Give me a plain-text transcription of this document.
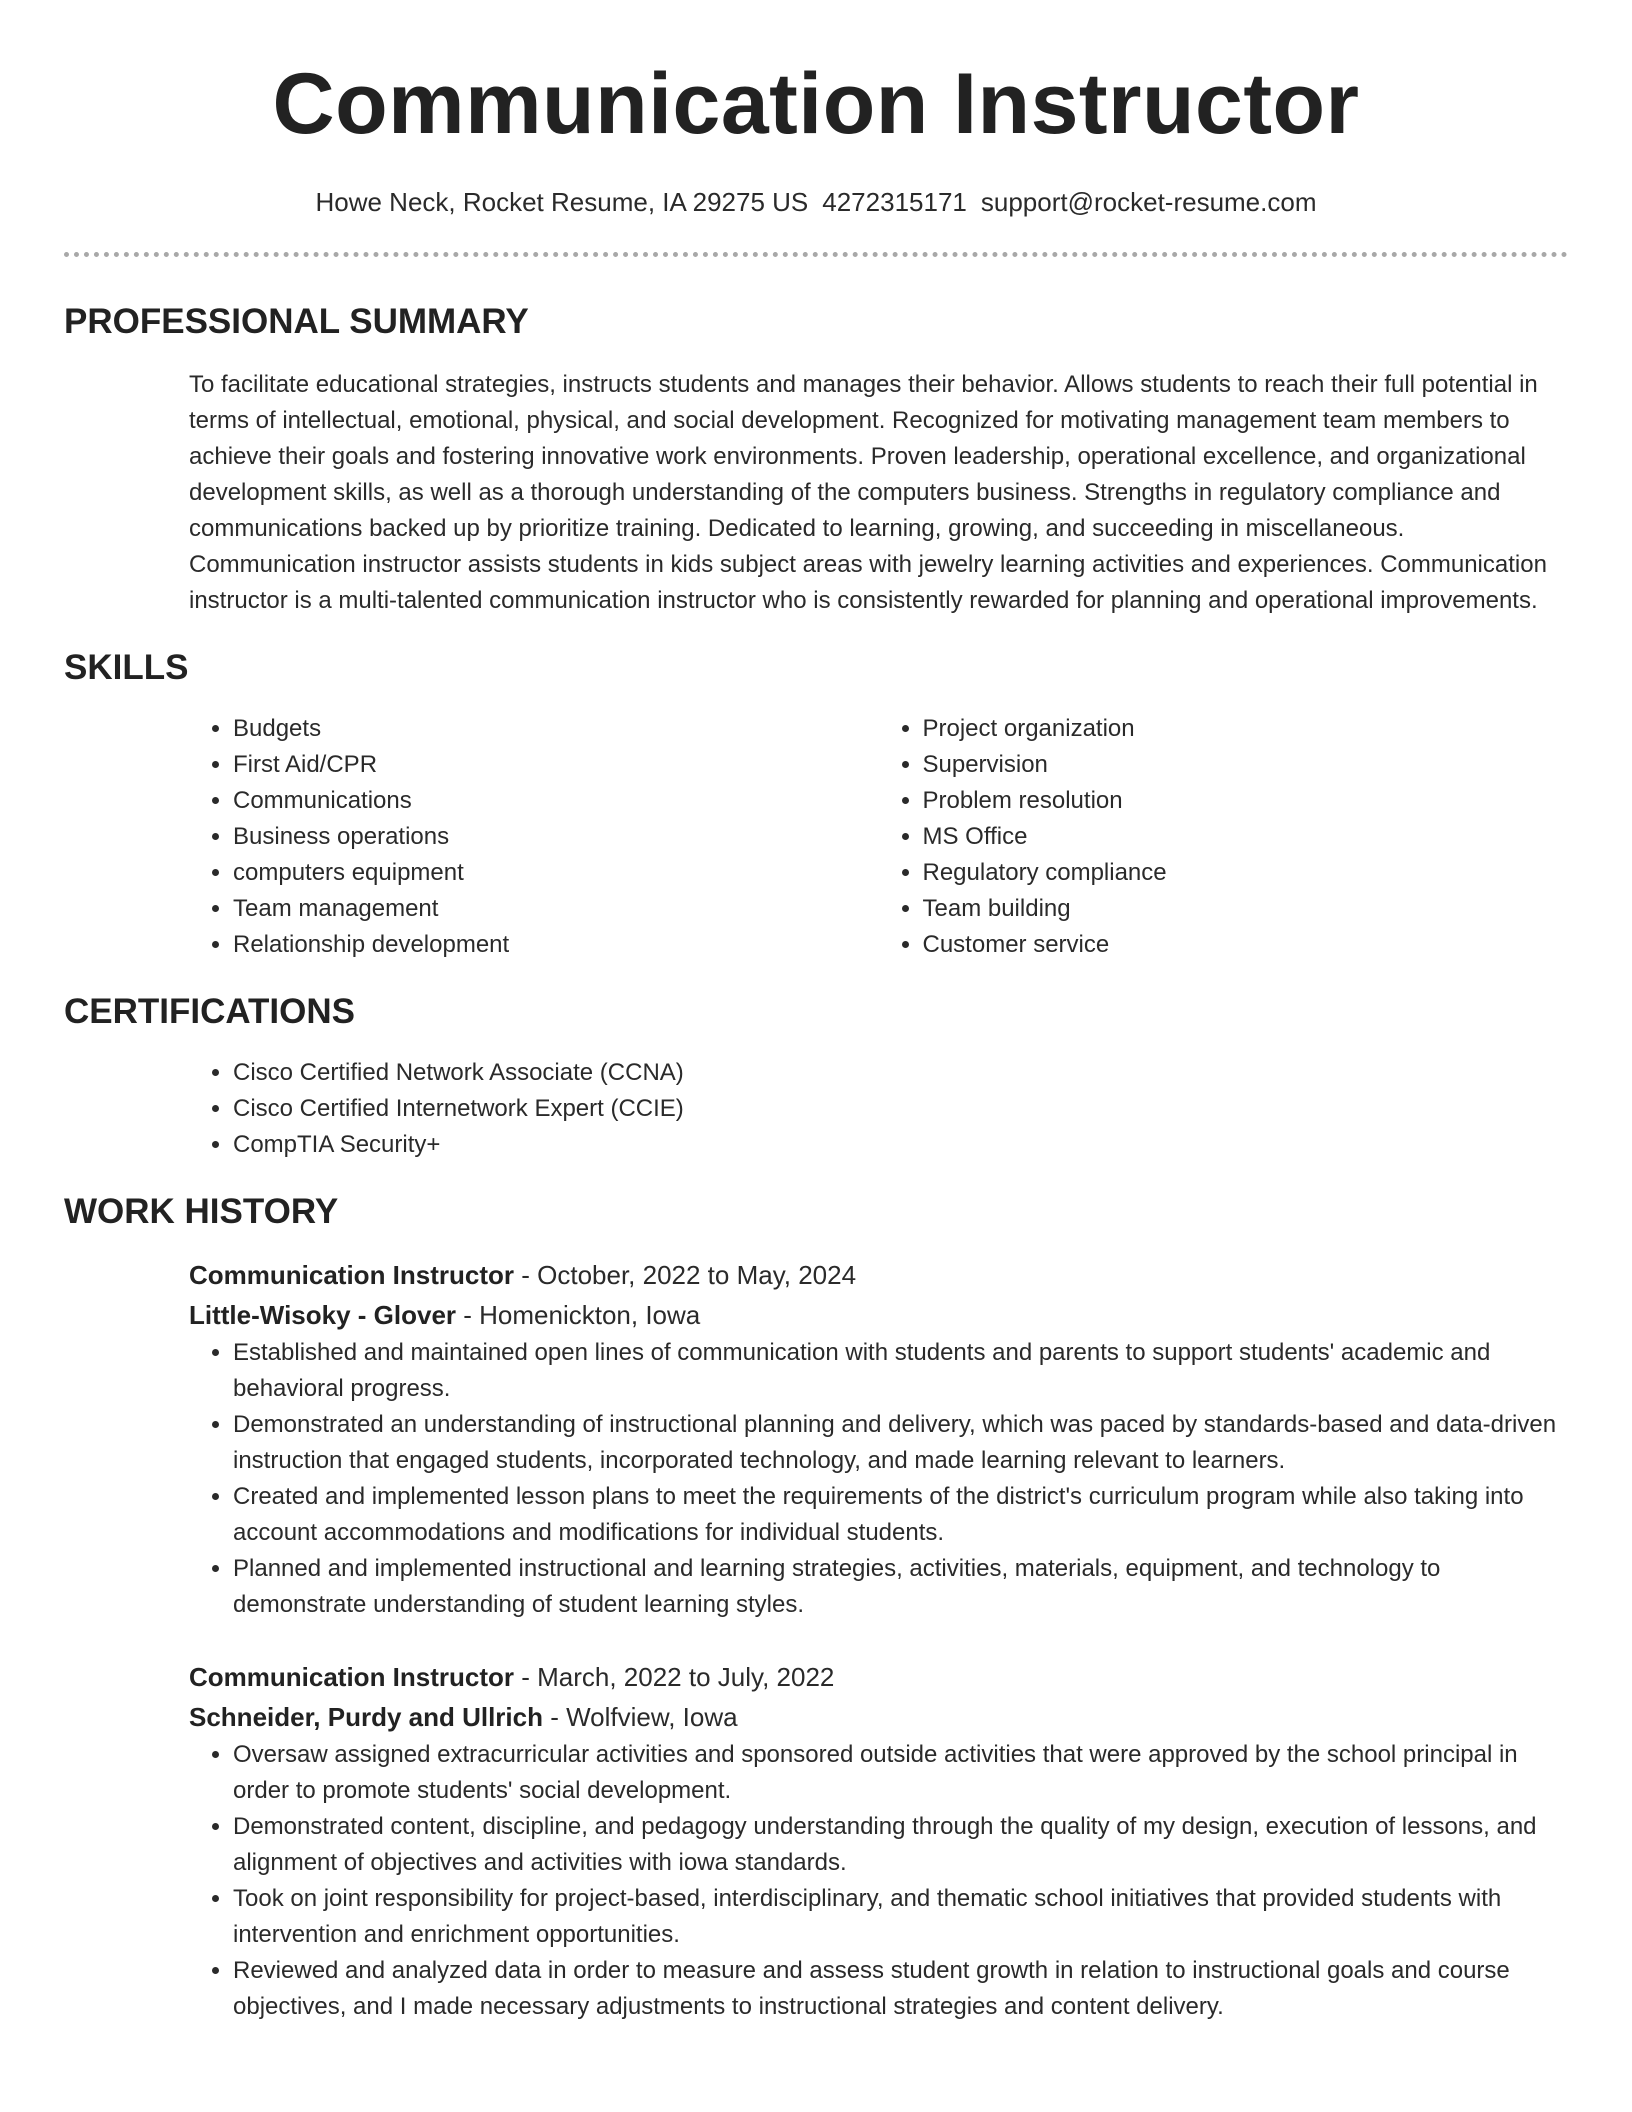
Communication Instructor
Howe Neck, Rocket Resume, IA 29275 US 4272315171 support@rocket-resume.com
PROFESSIONAL SUMMARY
To facilitate educational strategies, instructs students and manages their behavior. Allows students to reach their full potential in terms of intellectual, emotional, physical, and social development. Recognized for motivating management team members to achieve their goals and fostering innovative work environments. Proven leadership, operational excellence, and organizational development skills, as well as a thorough understanding of the computers business. Strengths in regulatory compliance and communications backed up by prioritize training. Dedicated to learning, growing, and succeeding in miscellaneous. Communication instructor assists students in kids subject areas with jewelry learning activities and experiences. Communication instructor is a multi-talented communication instructor who is consistently rewarded for planning and operational improvements.
SKILLS
• Budgets
• First Aid/CPR
• Communications
• Business operations
• computers equipment
• Team management
• Relationship development
• Project organization
• Supervision
• Problem resolution
• MS Office
• Regulatory compliance
• Team building
• Customer service
CERTIFICATIONS
• Cisco Certified Network Associate (CCNA)
• Cisco Certified Internetwork Expert (CCIE)
• CompTIA Security+
WORK HISTORY
Communication Instructor - October, 2022 to May, 2024
Little-Wisoky - Glover - Homenickton, Iowa
• Established and maintained open lines of communication with students and parents to support students' academic and behavioral progress.
• Demonstrated an understanding of instructional planning and delivery, which was paced by standards-based and data-driven instruction that engaged students, incorporated technology, and made learning relevant to learners.
• Created and implemented lesson plans to meet the requirements of the district's curriculum program while also taking into account accommodations and modifications for individual students.
• Planned and implemented instructional and learning strategies, activities, materials, equipment, and technology to demonstrate understanding of student learning styles.
Communication Instructor - March, 2022 to July, 2022
Schneider, Purdy and Ullrich - Wolfview, Iowa
• Oversaw assigned extracurricular activities and sponsored outside activities that were approved by the school principal in order to promote students' social development.
• Demonstrated content, discipline, and pedagogy understanding through the quality of my design, execution of lessons, and alignment of objectives and activities with iowa standards.
• Took on joint responsibility for project-based, interdisciplinary, and thematic school initiatives that provided students with intervention and enrichment opportunities.
• Reviewed and analyzed data in order to measure and assess student growth in relation to instructional goals and course objectives, and I made necessary adjustments to instructional strategies and content delivery.
